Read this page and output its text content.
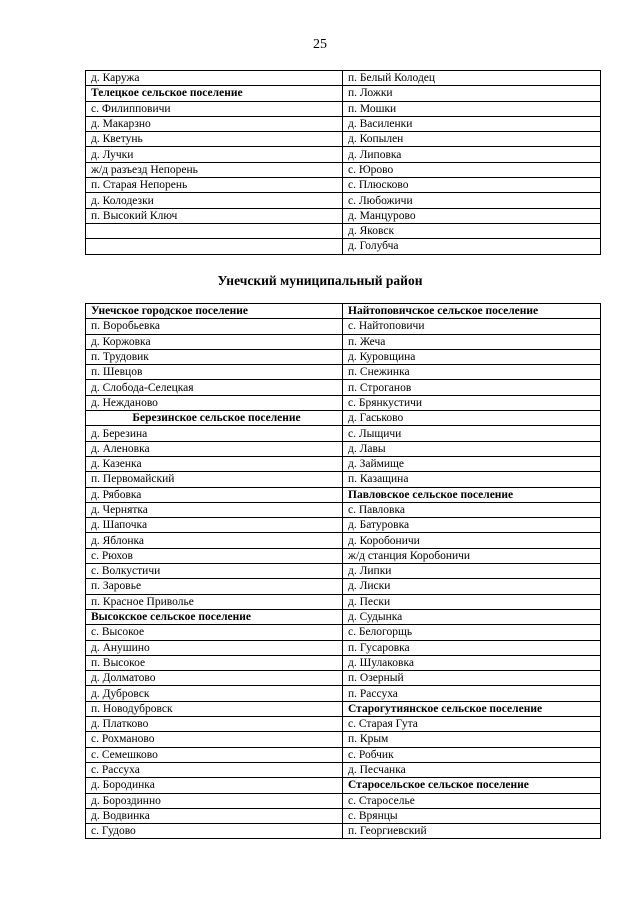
25
д. Каружа	п. Белый Колодец
Телецкое сельское поселение	п. Ложки
с. Филипповичи	п. Мошки
д. Макарзно	д. Василенки
д. Кветунь	д. Копылен
д. Лучки	д. Липовка
ж/д разъезд Непорень	с. Юрово
п. Старая Непорень	с. Плюсково
д. Колодезки	с. Любожичи
п. Высокий Ключ	д. Манцурово
	д. Яковск
	д. Голубча
Унечский муниципальный район
Унечское городское поселение	Найтоповичское сельское поселение
п. Воробьевка	с. Найтоповичи
д. Коржовка	п. Жеча
п. Трудовик	д. Куровщина
п. Шевцов	п. Снежинка
д. Слобода-Селецкая	п. Строганов
д. Нежданово	с. Брянкустичи
Березинское сельское поселение	д. Гаськово
д. Березина	с. Лыщичи
д. Аленовка	д. Лавы
д. Казенка	д. Займище
п. Первомайский	п. Казащина
д. Рябовка	Павловское сельское поселение
д. Чернятка	с. Павловка
д. Шапочка	д. Батуровка
д. Яблонка	д. Коробоничи
с. Рюхов	ж/д станция Коробоничи
с. Волкустичи	д. Липки
п. Заровье	д. Лиски
п. Красное Приволье	д. Пески
Высокское сельское поселение	д. Судынка
с. Высокое	с. Белогорщь
д. Анушино	п. Гусаровка
п. Высокое	д. Шулаковка
д. Долматово	п. Озерный
д. Дубровск	п. Рассуха
п. Новодубровск	Старогутиянское сельское поселение
д. Платково	с. Старая Гута
с. Рохманово	п. Крым
с. Семешково	с. Робчик
с. Рассуха	д. Песчанка
д. Бородинка	Старосельское сельское поселение
д. Бороздинно	с. Староселье
д. Водвинка	с. Врянцы
с. Гудово	п. Георгиевский
